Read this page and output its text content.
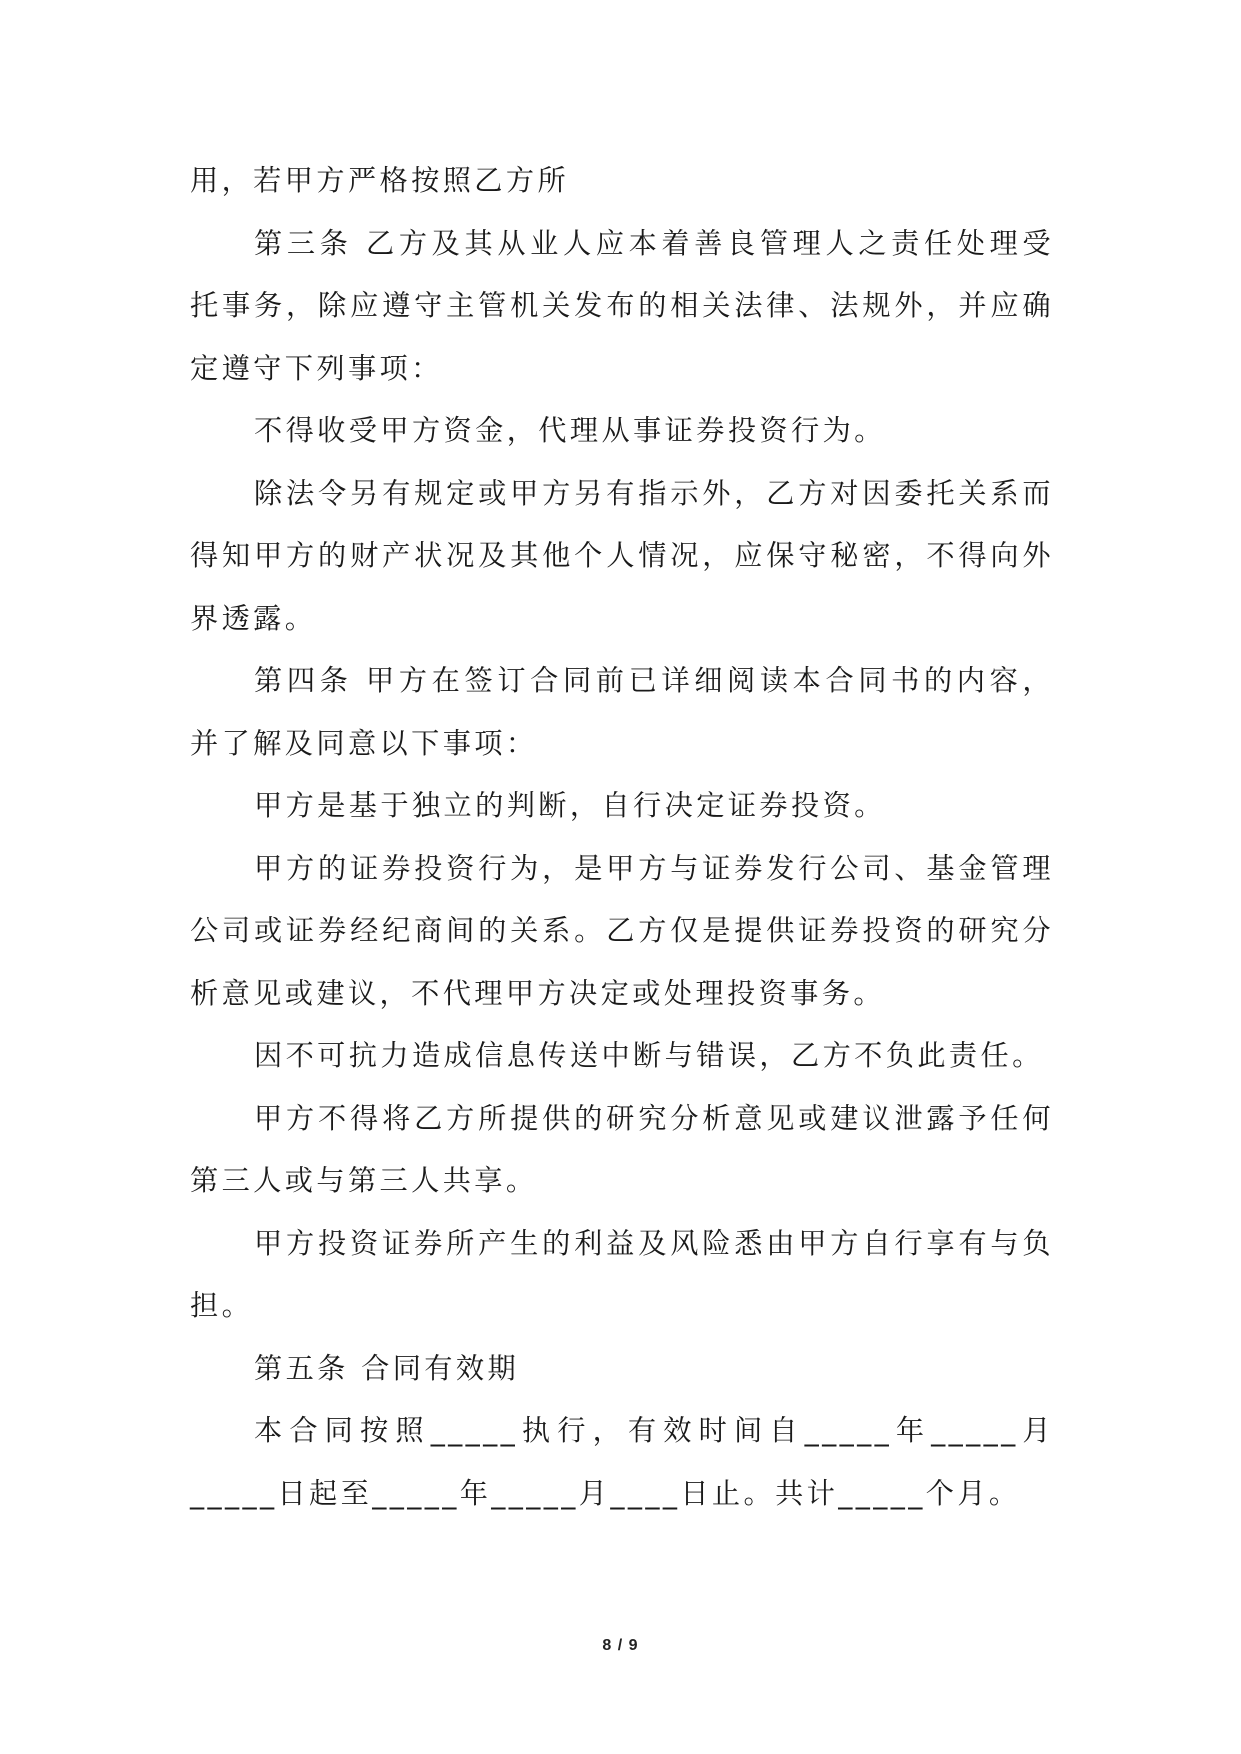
用，若甲方严格按照乙方所

第三条 乙方及其从业人应本着善良管理人之责任处理受托事务，除应遵守主管机关发布的相关法律、法规外，并应确定遵守下列事项：

不得收受甲方资金，代理从事证券投资行为。

除法令另有规定或甲方另有指示外，乙方对因委托关系而得知甲方的财产状况及其他个人情况，应保守秘密，不得向外界透露。

第四条 甲方在签订合同前已详细阅读本合同书的内容，并了解及同意以下事项：

甲方是基于独立的判断，自行决定证券投资。

甲方的证券投资行为，是甲方与证券发行公司、基金管理公司或证券经纪商间的关系。乙方仅是提供证券投资的研究分析意见或建议，不代理甲方决定或处理投资事务。

因不可抗力造成信息传送中断与错误，乙方不负此责任。

甲方不得将乙方所提供的研究分析意见或建议泄露予任何第三人或与第三人共享。

甲方投资证券所产生的利益及风险悉由甲方自行享有与负担。

第五条 合同有效期

本合同按照_____执行，有效时间自_____年_____月_____日起至_____年_____月____日止。共计_____个月。

8 / 9
